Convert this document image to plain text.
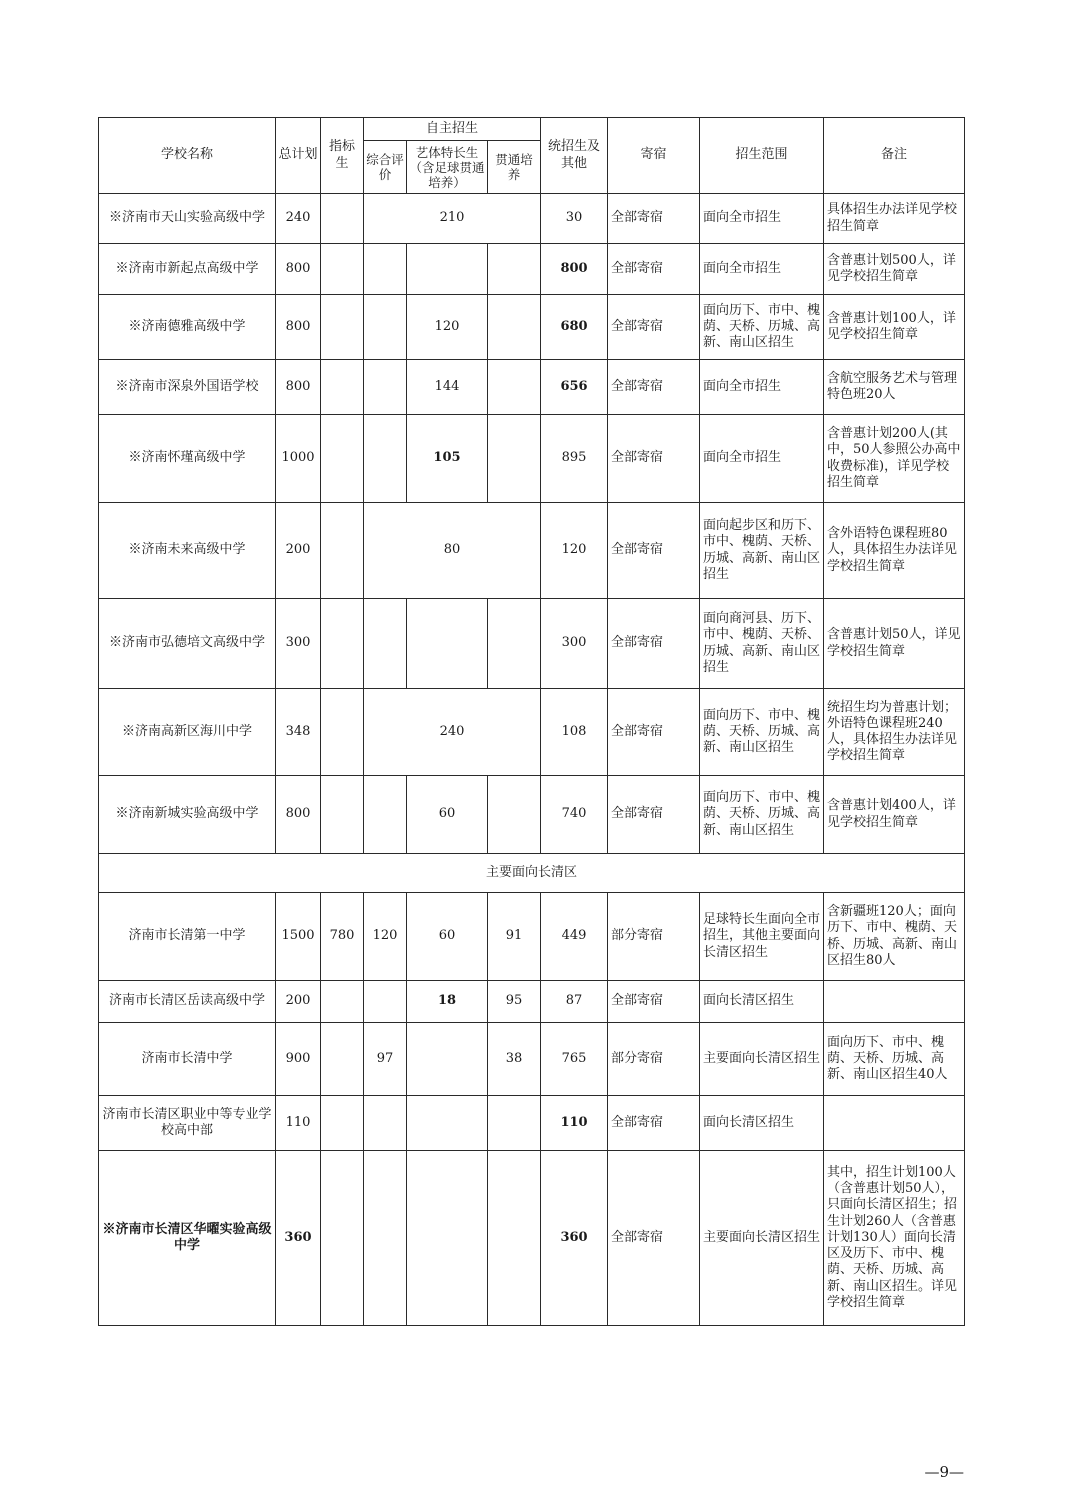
学校名称	总计划	指标生	自主招生			统招生及其他	寄宿	招生范围	备注
			综合评价	艺体特长生（含足球贯通培养）	贯通培养				
※济南市天山实验高级中学	240		210			30	全部寄宿	面向全市招生	具体招生办法详见学校招生简章
※济南市新起点高级中学	800					800	全部寄宿	面向全市招生	含普惠计划500人，详见学校招生简章
※济南德雅高级中学	800			120		680	全部寄宿	面向历下、市中、槐荫、天桥、历城、高新、南山区招生	含普惠计划100人，详见学校招生简章
※济南市深泉外国语学校	800			144		656	全部寄宿	面向全市招生	含航空服务艺术与管理特色班20人
※济南怀瑾高级中学	1000			105		895	全部寄宿	面向全市招生	含普惠计划200人(其中，50人参照公办高中收费标准)，详见学校招生简章
※济南未来高级中学	200		80			120	全部寄宿	面向起步区和历下、市中、槐荫、天桥、历城、高新、南山区招生	含外语特色课程班80人，具体招生办法详见学校招生简章
※济南市弘德培文高级中学	300					300	全部寄宿	面向商河县、历下、市中、槐荫、天桥、历城、高新、南山区招生	含普惠计划50人，详见学校招生简章
※济南高新区海川中学	348		240			108	全部寄宿	面向历下、市中、槐荫、天桥、历城、高新、南山区招生	统招生均为普惠计划；外语特色课程班240人，具体招生办法详见学校招生简章
※济南新城实验高级中学	800			60		740	全部寄宿	面向历下、市中、槐荫、天桥、历城、高新、南山区招生	含普惠计划400人，详见学校招生简章
主要面向长清区									
济南市长清第一中学	1500	780	120	60	91	449	部分寄宿	足球特长生面向全市招生，其他主要面向长清区招生	含新疆班120人；面向历下、市中、槐荫、天桥、历城、高新、南山区招生80人
济南市长清区岳读高级中学	200			18	95	87	全部寄宿	面向长清区招生	
济南市长清中学	900		97		38	765	部分寄宿	主要面向长清区招生	面向历下、市中、槐荫、天桥、历城、高新、南山区招生40人
济南市长清区职业中等专业学校高中部	110					110	全部寄宿	面向长清区招生	
※济南市长清区华曜实验高级中学	360					360	全部寄宿	主要面向长清区招生	其中，招生计划100人（含普惠计划50人），只面向长清区招生；招生计划260人（含普惠计划130人）面向长清区及历下、市中、槐荫、天桥、历城、高新、南山区招生。详见学校招生简章
—9—
